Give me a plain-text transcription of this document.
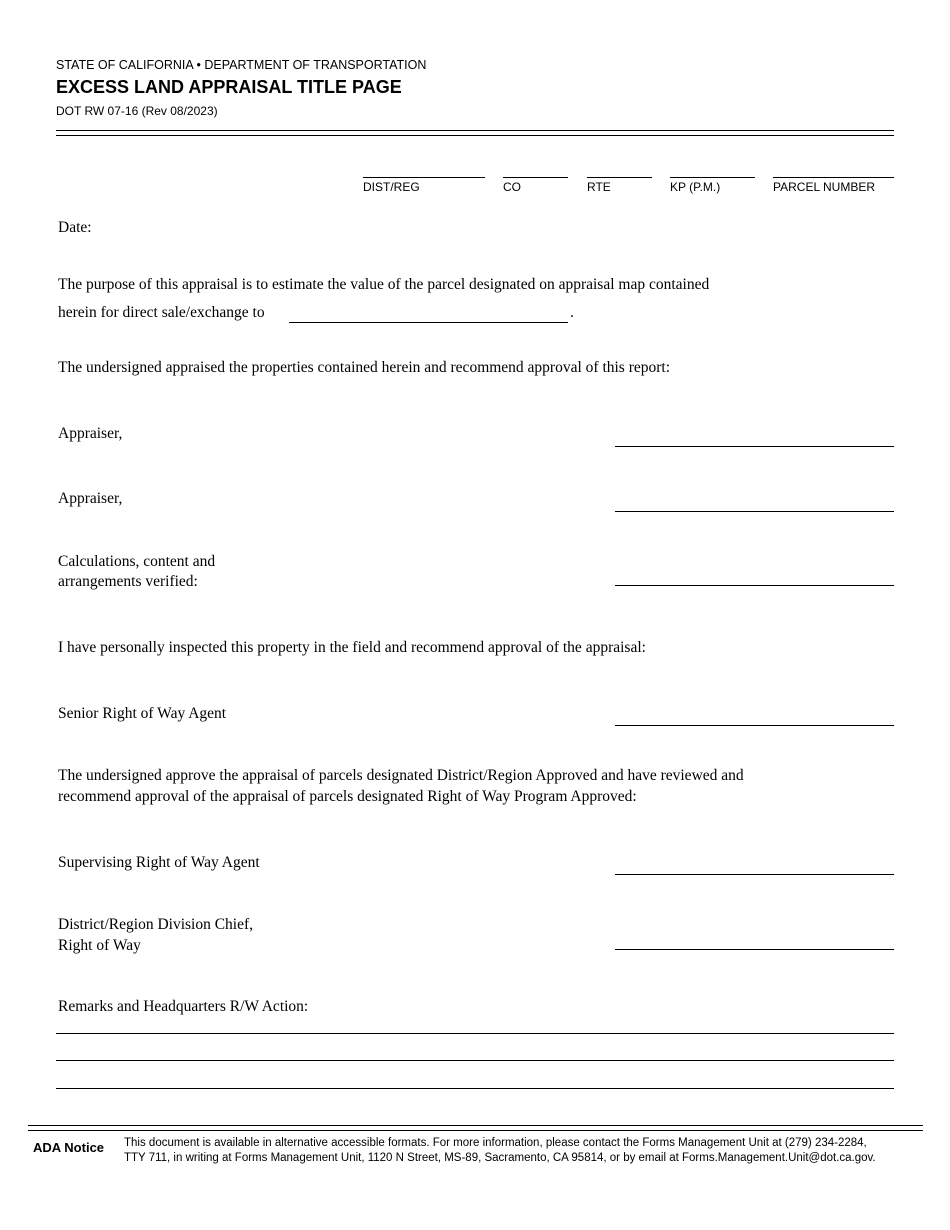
STATE OF CALIFORNIA • DEPARTMENT OF TRANSPORTATION
EXCESS LAND APPRAISAL TITLE PAGE
DOT RW 07-16 (Rev 08/2023)
DIST/REG	CO	RTE	KP (P.M.)	PARCEL NUMBER
Date:
The purpose of this appraisal is to estimate the value of the parcel designated on appraisal map contained
herein for direct sale/exchange to	.
The undersigned appraised the properties contained herein and recommend approval of this report:
Appraiser,
Appraiser,
Calculations, content and
arrangements verified:
I have personally inspected this property in the field and recommend approval of the appraisal:
Senior Right of Way Agent
The undersigned approve the appraisal of parcels designated District/Region Approved and have reviewed and
recommend approval of the appraisal of parcels designated Right of Way Program Approved:
Supervising Right of Way Agent
District/Region Division Chief,
Right of Way
Remarks and Headquarters R/W Action:
ADA Notice This document is available in alternative accessible formats. For more information, please contact the Forms Management Unit at (279) 234-2284,
TTY 711, in writing at Forms Management Unit, 1120 N Street, MS-89, Sacramento, CA 95814, or by email at Forms.Management.Unit@dot.ca.gov.
